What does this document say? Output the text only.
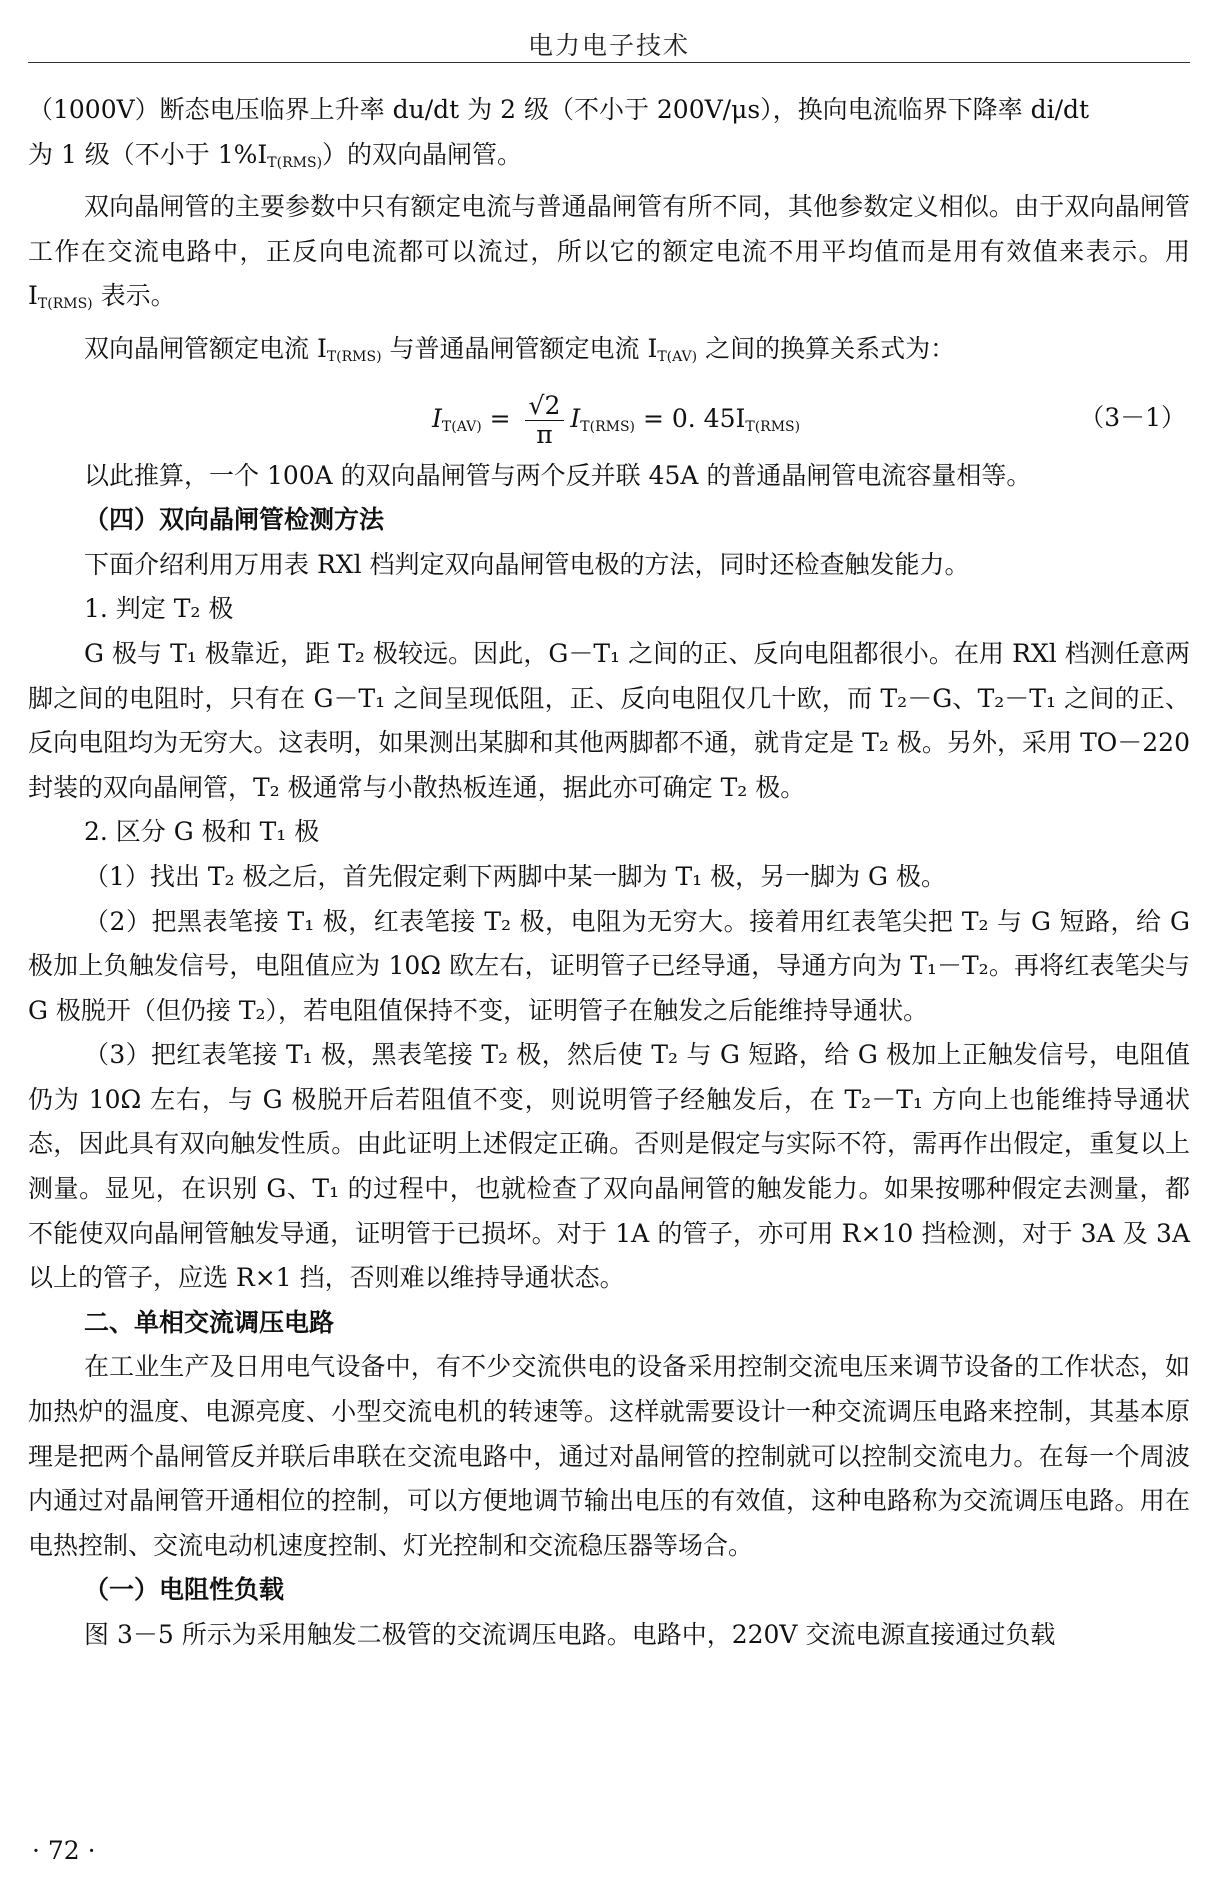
电力电子技术

（1000V）断态电压临界上升率 du/dt 为 2 级（不小于 200V/μs），换向电流临界下降率 di/dt

为 1 级（不小于 1%IT(RMS)）的双向晶闸管。

双向晶闸管的主要参数中只有额定电流与普通晶闸管有所不同，其他参数定义相似。由于双向晶闸管工作在交流电路中，正反向电流都可以流过，所以它的额定电流不用平均值而是用有效值来表示。用 IT(RMS) 表示。

双向晶闸管额定电流 IT(RMS) 与普通晶闸管额定电流 IT(AV) 之间的换算关系式为：

$IT(AV) = \frac{√2}{\pi} IT(RMS) = 0$. 45IT(RMS)	（3－1）

以此推算，一个 100A 的双向晶闸管与两个反并联 45A 的普通晶闸管电流容量相等。

（四）双向晶闸管检测方法

下面介绍利用万用表 RXl 档判定双向晶闸管电极的方法，同时还检查触发能力。

1. 判定 T₂ 极

G 极与 T₁ 极靠近，距 T₂ 极较远。因此，G－T₁ 之间的正、反向电阻都很小。在用 RXl 档测任意两脚之间的电阻时，只有在 G－T₁ 之间呈现低阻，正、反向电阻仅几十欧，而 T₂－G、T₂－T₁ 之间的正、反向电阻均为无穷大。这表明，如果测出某脚和其他两脚都不通，就肯定是 T₂ 极。另外，采用 TO－220 封装的双向晶闸管，T₂ 极通常与小散热板连通，据此亦可确定 T₂ 极。

2. 区分 G 极和 T₁ 极

（1）找出 T₂ 极之后，首先假定剩下两脚中某一脚为 T₁ 极，另一脚为 G 极。

（2）把黑表笔接 T₁ 极，红表笔接 T₂ 极，电阻为无穷大。接着用红表笔尖把 T₂ 与 G 短路，给 G 极加上负触发信号，电阻值应为 10Ω 欧左右，证明管子已经导通，导通方向为 T₁－T₂。再将红表笔尖与 G 极脱开（但仍接 T₂），若电阻值保持不变，证明管子在触发之后能维持导通状。

（3）把红表笔接 T₁ 极，黑表笔接 T₂ 极，然后使 T₂ 与 G 短路，给 G 极加上正触发信号，电阻值仍为 10Ω 左右，与 G 极脱开后若阻值不变，则说明管子经触发后，在 T₂－T₁ 方向上也能维持导通状态，因此具有双向触发性质。由此证明上述假定正确。否则是假定与实际不符，需再作出假定，重复以上测量。显见，在识别 G、T₁ 的过程中，也就检查了双向晶闸管的触发能力。如果按哪种假定去测量，都不能使双向晶闸管触发导通，证明管于已损坏。对于 1A 的管子，亦可用 R×10 挡检测，对于 3A 及 3A 以上的管子，应选 R×1 挡，否则难以维持导通状态。

二、单相交流调压电路

在工业生产及日用电气设备中，有不少交流供电的设备采用控制交流电压来调节设备的工作状态，如加热炉的温度、电源亮度、小型交流电机的转速等。这样就需要设计一种交流调压电路来控制，其基本原理是把两个晶闸管反并联后串联在交流电路中，通过对晶闸管的控制就可以控制交流电力。在每一个周波内通过对晶闸管开通相位的控制，可以方便地调节输出电压的有效值，这种电路称为交流调压电路。用在电热控制、交流电动机速度控制、灯光控制和交流稳压器等场合。

（一）电阻性负载

图 3－5 所示为采用触发二极管的交流调压电路。电路中，220V 交流电源直接通过负载

· 72 ·
